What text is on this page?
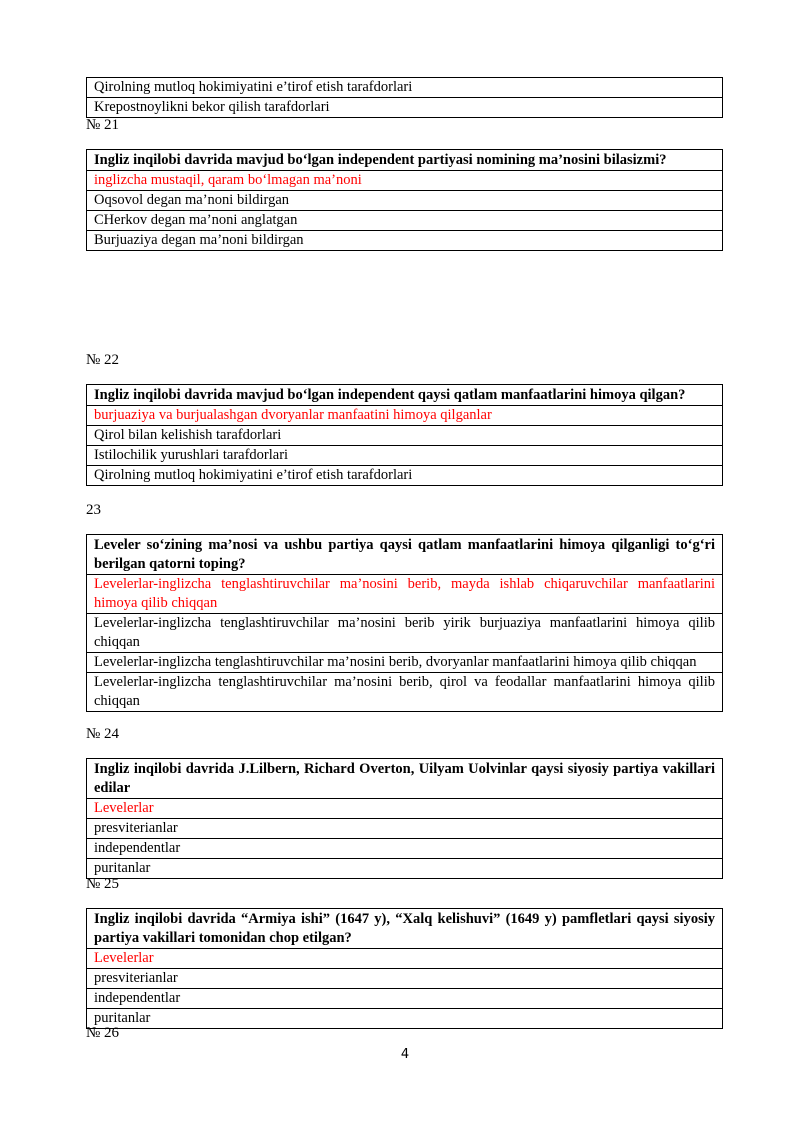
Qirolning mutloq hokimiyatini e’tirof etish tarafdorlari
Krepostnoylikni bekor qilish tarafdorlari
№ 21
Ingliz inqilobi davrida mavjud bo‘lgan independent partiyasi nomining ma’nosini bilasizmi?
inglizcha mustaqil, qaram bo‘lmagan ma’noni
Oqsovol degan ma’noni bildirgan
CHerkov degan ma’noni anglatgan
Burjuaziya degan ma’noni bildirgan
№ 22
Ingliz inqilobi davrida mavjud bo‘lgan independent qaysi qatlam manfaatlarini himoya qilgan?
burjuaziya va burjualashgan dvoryanlar manfaatini himoya qilganlar
Qirol bilan kelishish tarafdorlari
Istilochilik yurushlari tarafdorlari
Qirolning mutloq hokimiyatini e’tirof etish tarafdorlari
23
Leveler so‘zining ma’nosi va ushbu partiya qaysi qatlam manfaatlarini himoya qilganligi to‘g‘ri berilgan qatorni toping?
Levelerlar-inglizcha tenglashtiruvchilar ma’nosini berib, mayda ishlab chiqaruvchilar manfaatlarini himoya qilib chiqqan
Levelerlar-inglizcha tenglashtiruvchilar ma’nosini berib yirik burjuaziya manfaatlarini himoya qilib chiqqan
Levelerlar-inglizcha tenglashtiruvchilar ma’nosini berib, dvoryanlar manfaatlarini himoya qilib chiqqan
Levelerlar-inglizcha tenglashtiruvchilar ma’nosini berib, qirol va feodallar manfaatlarini himoya qilib chiqqan
№ 24
Ingliz inqilobi davrida J.Lilbern, Richard Overton, Uilyam Uolvinlar qaysi siyosiy partiya vakillari edilar
Levelerlar
presviterianlar
independentlar
puritanlar
№ 25
Ingliz inqilobi davrida “Armiya ishi” (1647 y), “Xalq kelishuvi” (1649 y) pamfletlari qaysi siyosiy partiya vakillari tomonidan chop etilgan?
Levelerlar
presviterianlar
independentlar
puritanlar
№ 26
4
